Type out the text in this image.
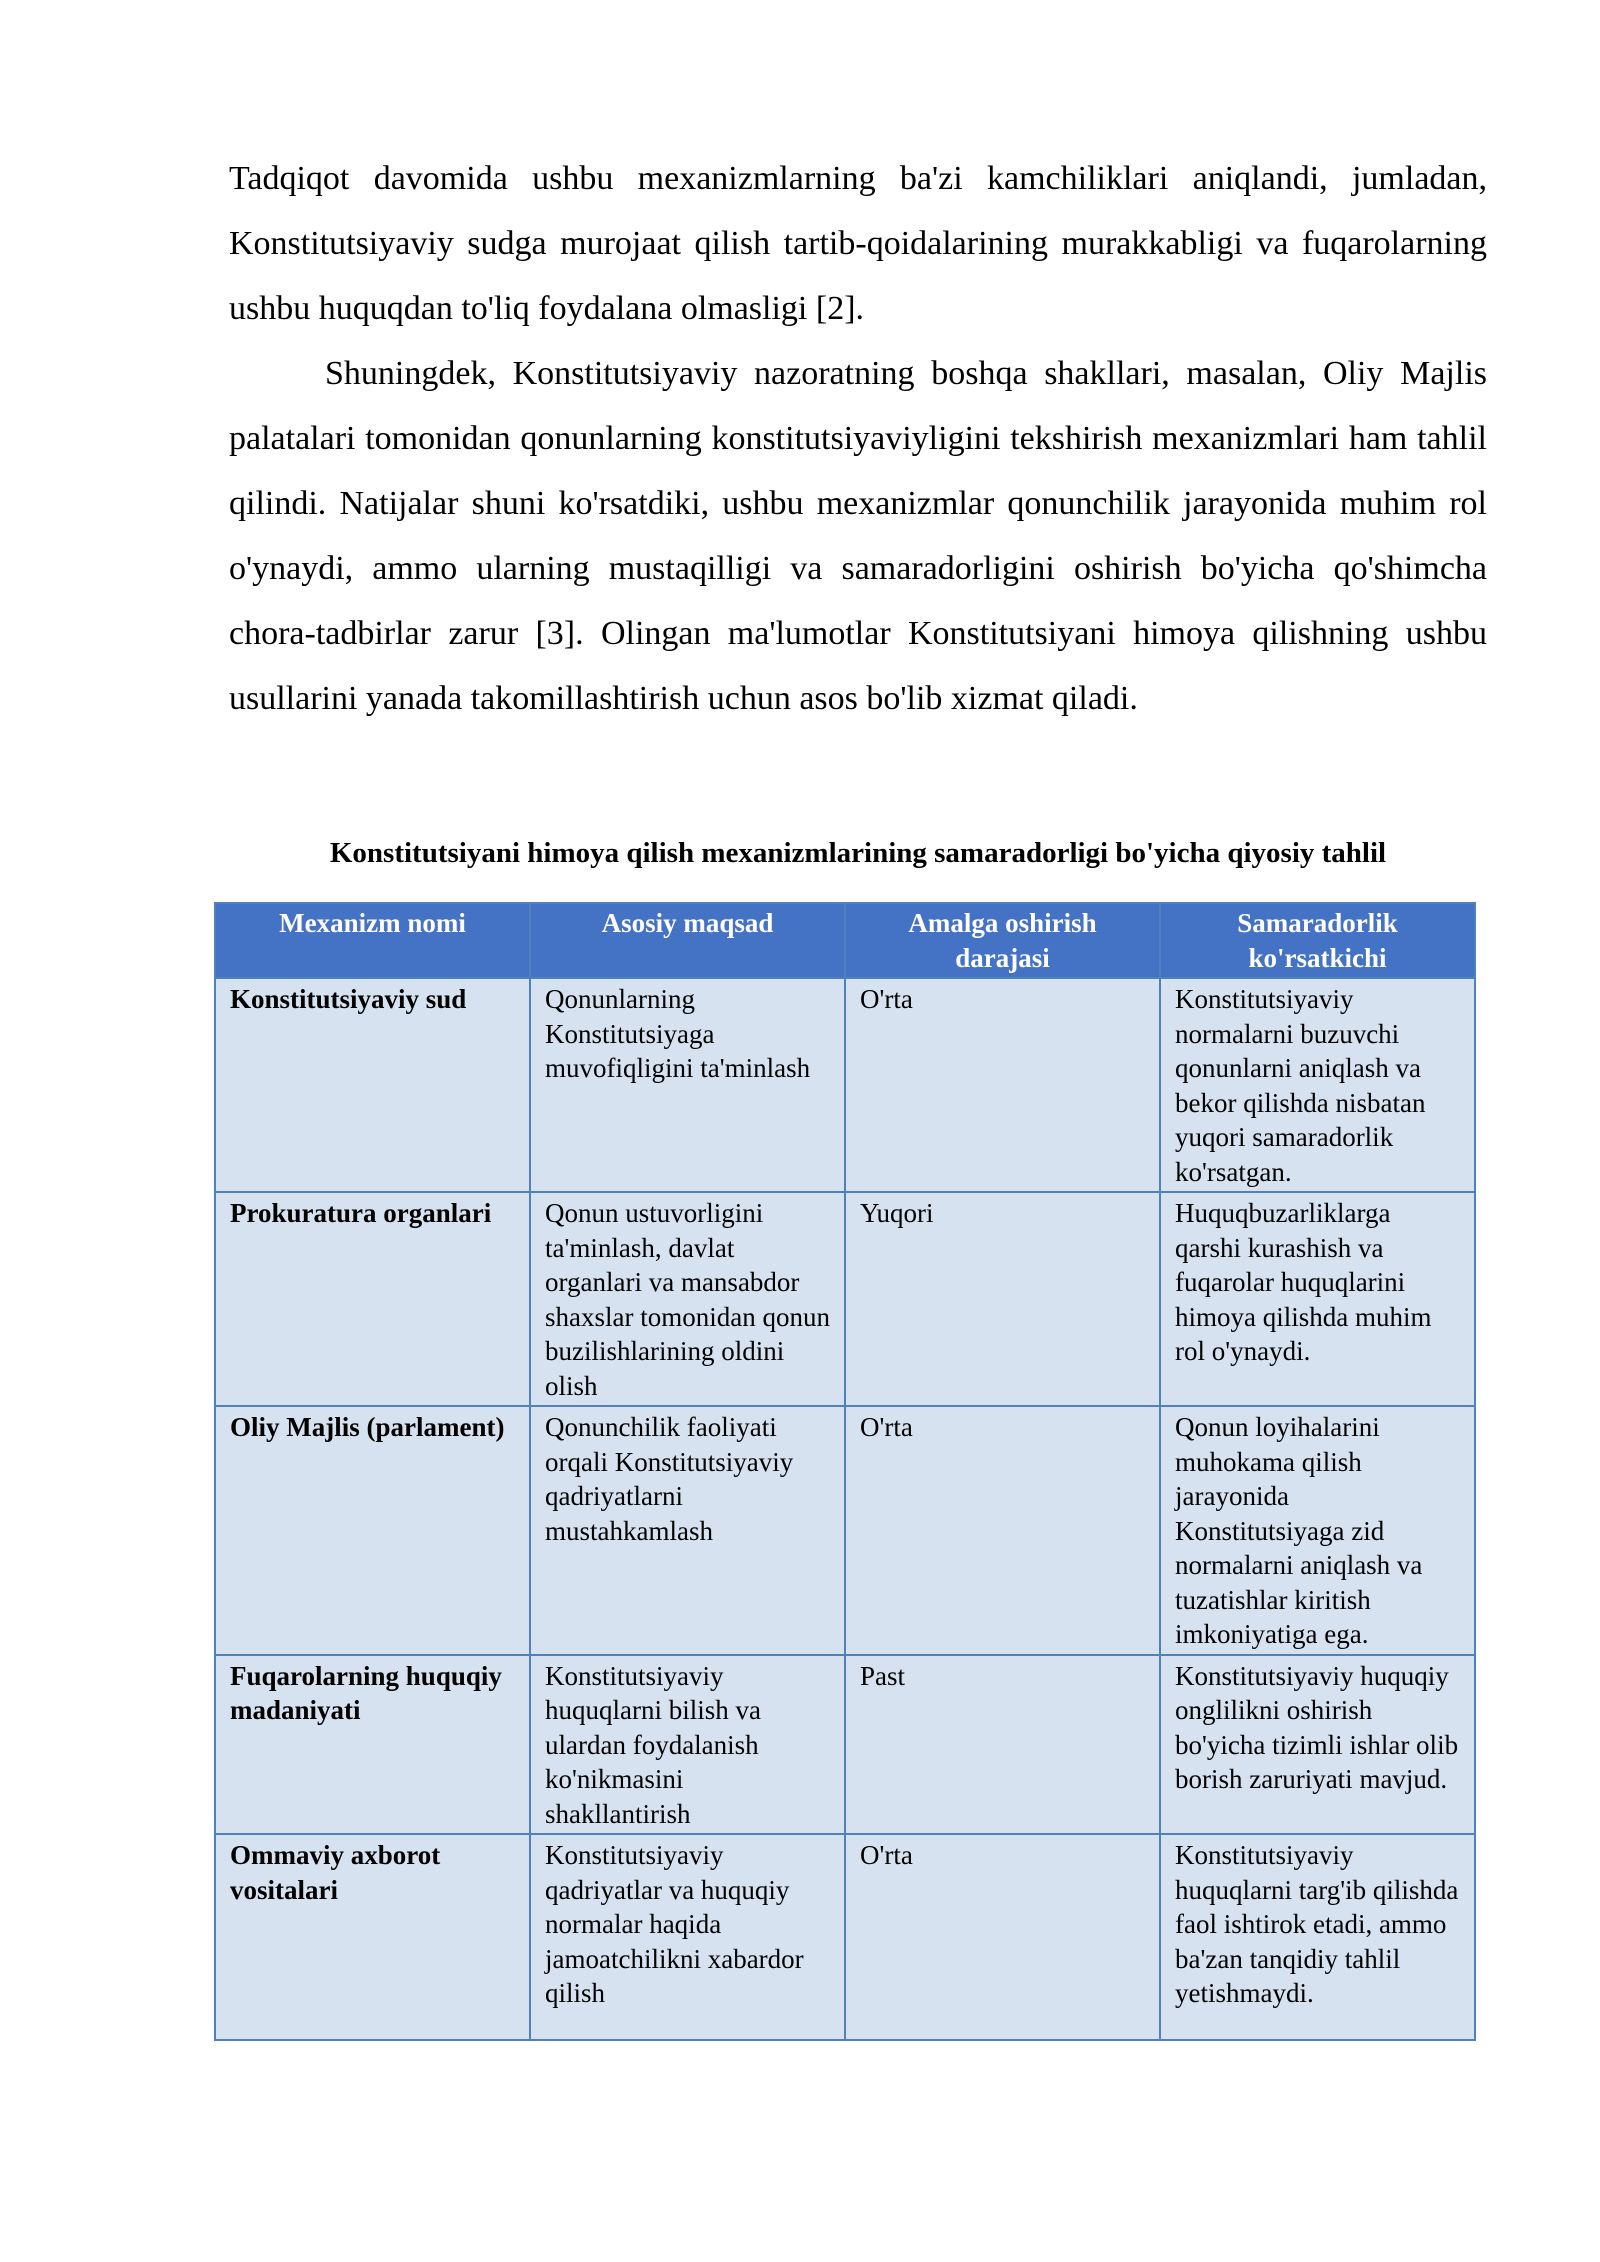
Tadqiqot davomida ushbu mexanizmlarning ba'zi kamchiliklari aniqlandi, jumladan, Konstitutsiyaviy sudga murojaat qilish tartib-qoidalarining murakkabligi va fuqarolarning ushbu huquqdan to'liq foydalana olmasligi [2].

Shuningdek, Konstitutsiyaviy nazoratning boshqa shakllari, masalan, Oliy Majlis palatalari tomonidan qonunlarning konstitutsiyaviyligini tekshirish mexanizmlari ham tahlil qilindi. Natijalar shuni ko'rsatdiki, ushbu mexanizmlar qonunchilik jarayonida muhim rol o'ynaydi, ammo ularning mustaqilligi va samaradorligini oshirish bo'yicha qo'shimcha chora-tadbirlar zarur [3]. Olingan ma'lumotlar Konstitutsiyani himoya qilishning ushbu usullarini yanada takomillashtirish uchun asos bo'lib xizmat qiladi.

Konstitutsiyani himoya qilish mexanizmlarining samaradorligi bo'yicha qiyosiy tahlil
Mexanizm nomi	Asosiy maqsad	Amalga oshirish darajasi	Samaradorlik ko'rsatkichi
Konstitutsiyaviy sud	Qonunlarning Konstitutsiyaga muvofiqligini ta'minlash	O'rta	Konstitutsiyaviy normalarni buzuvchi qonunlarni aniqlash va bekor qilishda nisbatan yuqori samaradorlik ko'rsatgan.
Prokuratura organlari	Qonun ustuvorligini ta'minlash, davlat organlari va mansabdor shaxslar tomonidan qonun buzilishlarining oldini olish	Yuqori	Huquqbuzarliklarga qarshi kurashish va fuqarolar huquqlarini himoya qilishda muhim rol o'ynaydi.
Oliy Majlis (parlament)	Qonunchilik faoliyati orqali Konstitutsiyaviy qadriyatlarni mustahkamlash	O'rta	Qonun loyihalarini muhokama qilish jarayonida Konstitutsiyaga zid normalarni aniqlash va tuzatishlar kiritish imkoniyatiga ega.
Fuqarolarning huquqiy madaniyati	Konstitutsiyaviy huquqlarni bilish va ulardan foydalanish ko'nikmasini shakllantirish	Past	Konstitutsiyaviy huquqiy onglilikni oshirish bo'yicha tizimli ishlar olib borish zaruriyati mavjud.
Ommaviy axborot vositalari	Konstitutsiyaviy qadriyatlar va huquqiy normalar haqida jamoatchilikni xabardor qilish	O'rta	Konstitutsiyaviy huquqlarni targ'ib qilishda faol ishtirok etadi, ammo ba'zan tanqidiy tahlil yetishmaydi.
